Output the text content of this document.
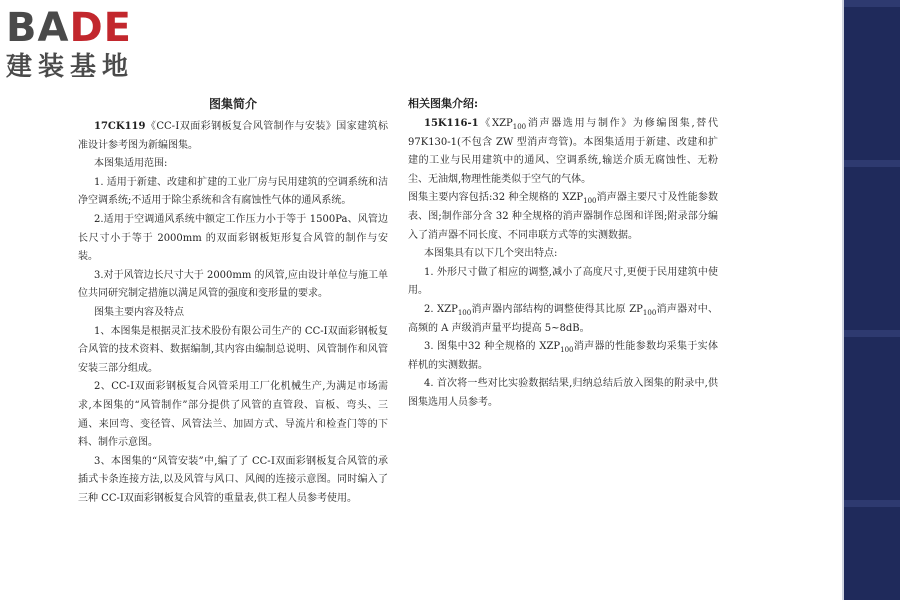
BADE
建装基地
图集简介

17CK119《CC-Ⅰ双面彩钢板复合风管制作与安装》国家建筑标准设计参考图为新编图集。

本图集适用范围:

1. 适用于新建、改建和扩建的工业厂房与民用建筑的空调系统和洁净空调系统;不适用于除尘系统和含有腐蚀性气体的通风系统。

2.适用于空调通风系统中额定工作压力小于等于 1500Pa、风管边长尺寸小于等于 2000mm 的双面彩钢板矩形复合风管的制作与安装。

3.对于风管边长尺寸大于 2000mm 的风管,应由设计单位与施工单位共同研究制定措施以满足风管的强度和变形量的要求。

图集主要内容及特点

1、本图集是根据灵汇技术股份有限公司生产的 CC-Ⅰ双面彩钢板复合风管的技术资料、数据编制,其内容由编制总说明、风管制作和风管安装三部分组成。

2、CC-Ⅰ双面彩钢板复合风管采用工厂化机械生产,为满足市场需求,本图集的“风管制作”部分提供了风管的直管段、盲板、弯头、三通、来回弯、变径管、风管法兰、加固方式、导流片和检查门等的下料、制作示意图。

3、本图集的“风管安装”中,编了了 CC-Ⅰ双面彩钢板复合风管的承插式卡条连接方法,以及风管与风口、风阀的连接示意图。同时编入了三种 CC-Ⅰ双面彩钢板复合风管的重量表,供工程人员参考使用。

相关图集介绍:

15K116-1《$XZP_{100}$消声器选用与制作》为修编图集,替代 97K130-1(不包含 ZW 型消声弯管)。本图集适用于新建、改建和扩建的工业与民用建筑中的通风、空调系统,输送介质无腐蚀性、无粉尘、无油烟,物理性能类似于空气的气体。

图集主要内容包括:32 种全规格的 $XZP_{100}$消声器主要尺寸及性能参数表、图;制作部分含 32 种全规格的消声器制作总图和详图;附录部分编入了消声器不同长度、不同串联方式等的实测数据。

本图集具有以下几个突出特点:

1. 外形尺寸做了相应的调整,减小了高度尺寸,更便于民用建筑中使用。

2. $XZP_{100}$消声器内部结构的调整使得其比原 $ZP_{100}$消声器对中、高频的 A 声级消声量平均提高 5~8dB。

3. 图集中32 种全规格的 $XZP_{100}$消声器的性能参数均采集于实体样机的实测数据。

4. 首次将一些对比实验数据结果,归纳总结后放入图集的附录中,供图集选用人员参考。
